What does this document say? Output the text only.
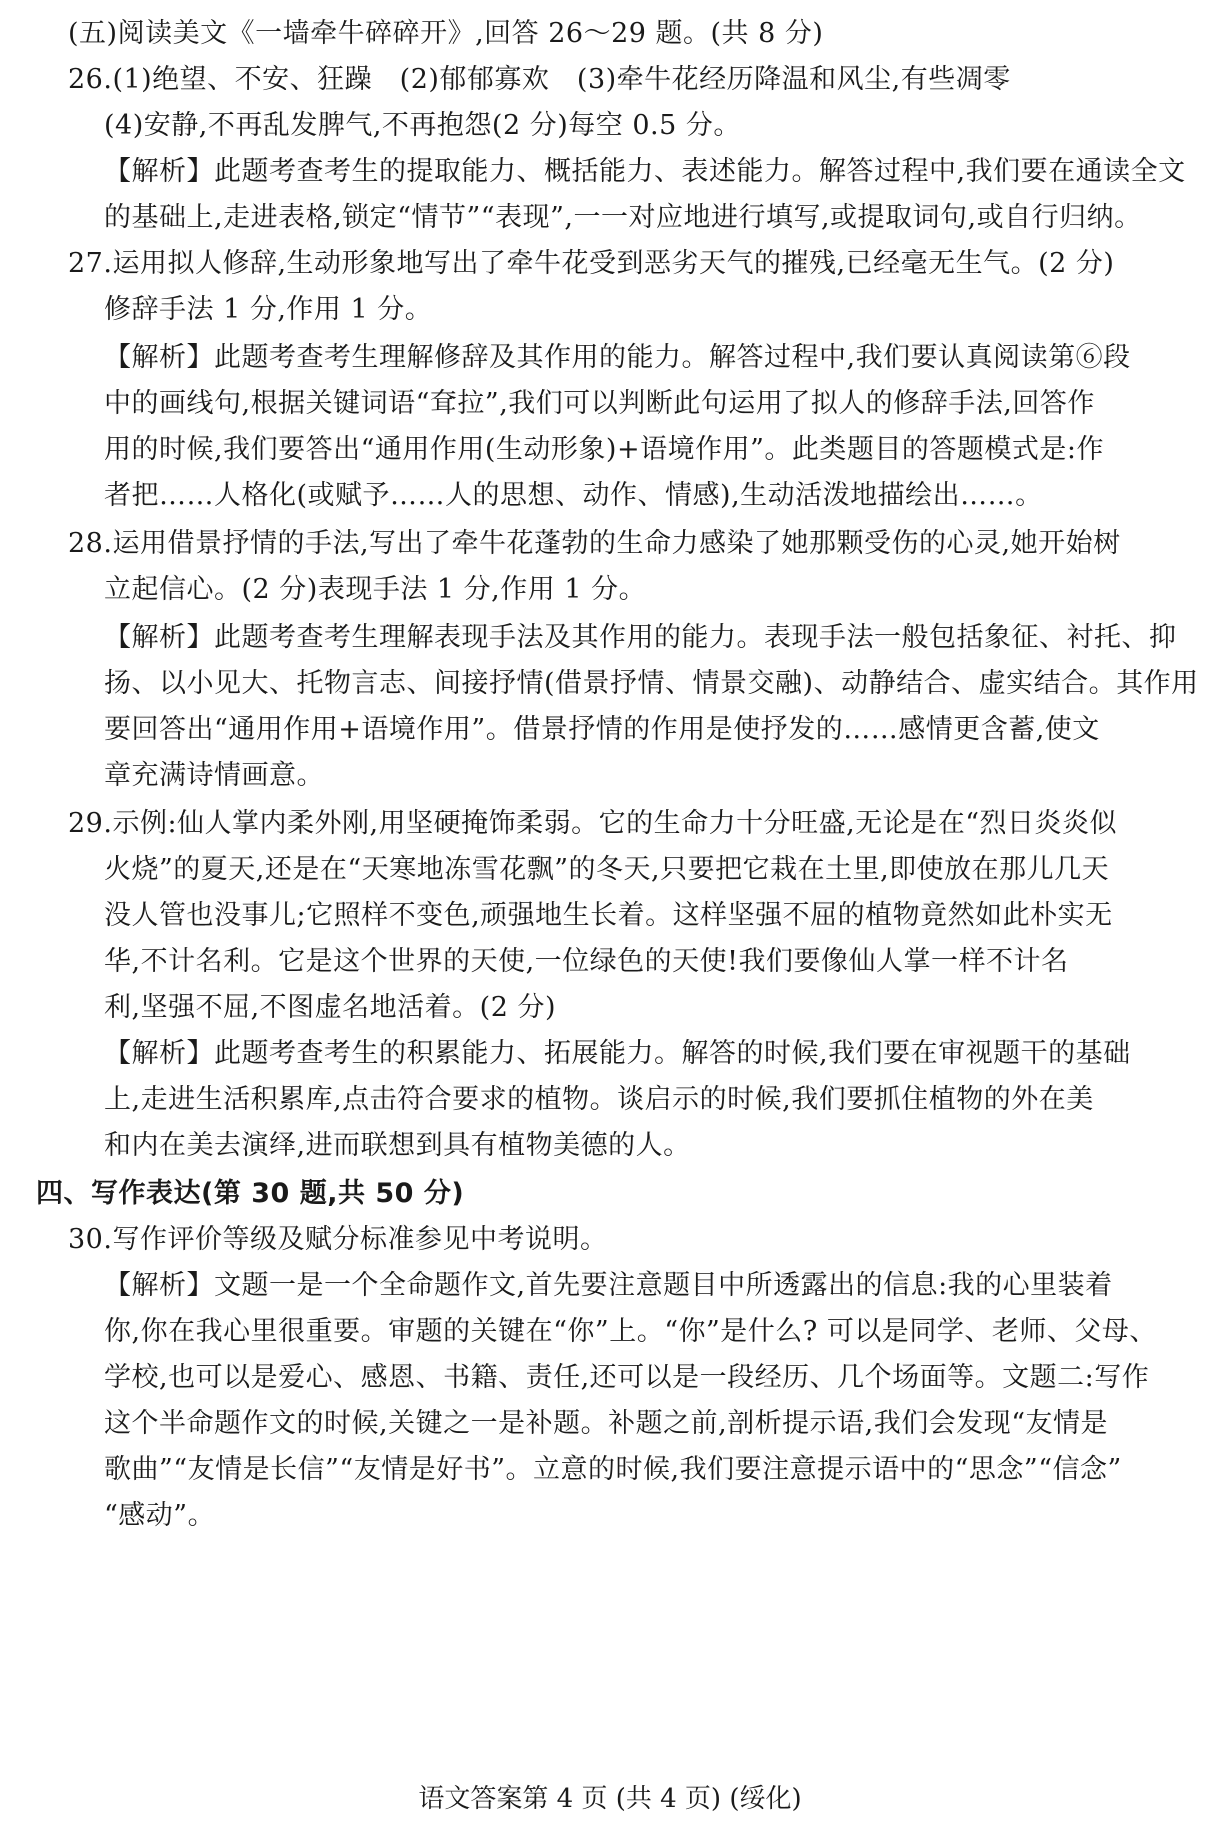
(五)阅读美文《一墙牵牛碎碎开》,回答 26～29 题。(共 8 分)
26.(1)绝望、不安、狂躁　(2)郁郁寡欢　(3)牵牛花经历降温和风尘,有些凋零
(4)安静,不再乱发脾气,不再抱怨(2 分)每空 0.5 分。
【解析】此题考查考生的提取能力、概括能力、表述能力。解答过程中,我们要在通读全文
的基础上,走进表格,锁定“情节”“表现”,一一对应地进行填写,或提取词句,或自行归纳。
27.运用拟人修辞,生动形象地写出了牵牛花受到恶劣天气的摧残,已经毫无生气。(2 分)
修辞手法 1 分,作用 1 分。
【解析】此题考查考生理解修辞及其作用的能力。解答过程中,我们要认真阅读第⑥段
中的画线句,根据关键词语“耷拉”,我们可以判断此句运用了拟人的修辞手法,回答作
用的时候,我们要答出“通用作用(生动形象)+语境作用”。此类题目的答题模式是:作
者把……人格化(或赋予……人的思想、动作、情感),生动活泼地描绘出……。
28.运用借景抒情的手法,写出了牵牛花蓬勃的生命力感染了她那颗受伤的心灵,她开始树
立起信心。(2 分)表现手法 1 分,作用 1 分。
【解析】此题考查考生理解表现手法及其作用的能力。表现手法一般包括象征、衬托、抑
扬、以小见大、托物言志、间接抒情(借景抒情、情景交融)、动静结合、虚实结合。其作用
要回答出“通用作用+语境作用”。借景抒情的作用是使抒发的……感情更含蓄,使文
章充满诗情画意。
29.示例:仙人掌内柔外刚,用坚硬掩饰柔弱。它的生命力十分旺盛,无论是在“烈日炎炎似
火烧”的夏天,还是在“天寒地冻雪花飘”的冬天,只要把它栽在土里,即使放在那儿几天
没人管也没事儿;它照样不变色,顽强地生长着。这样坚强不屈的植物竟然如此朴实无
华,不计名利。它是这个世界的天使,一位绿色的天使!我们要像仙人掌一样不计名
利,坚强不屈,不图虚名地活着。(2 分)
【解析】此题考查考生的积累能力、拓展能力。解答的时候,我们要在审视题干的基础
上,走进生活积累库,点击符合要求的植物。谈启示的时候,我们要抓住植物的外在美
和内在美去演绎,进而联想到具有植物美德的人。
四、写作表达(第 30 题,共 50 分)
30.写作评价等级及赋分标准参见中考说明。
【解析】文题一是一个全命题作文,首先要注意题目中所透露出的信息:我的心里装着
你,你在我心里很重要。审题的关键在“你”上。“你”是什么? 可以是同学、老师、父母、
学校,也可以是爱心、感恩、书籍、责任,还可以是一段经历、几个场面等。文题二:写作
这个半命题作文的时候,关键之一是补题。补题之前,剖析提示语,我们会发现“友情是
歌曲”“友情是长信”“友情是好书”。立意的时候,我们要注意提示语中的“思念”“信念”
“感动”。
语文答案第 4 页 (共 4 页) (绥化)
